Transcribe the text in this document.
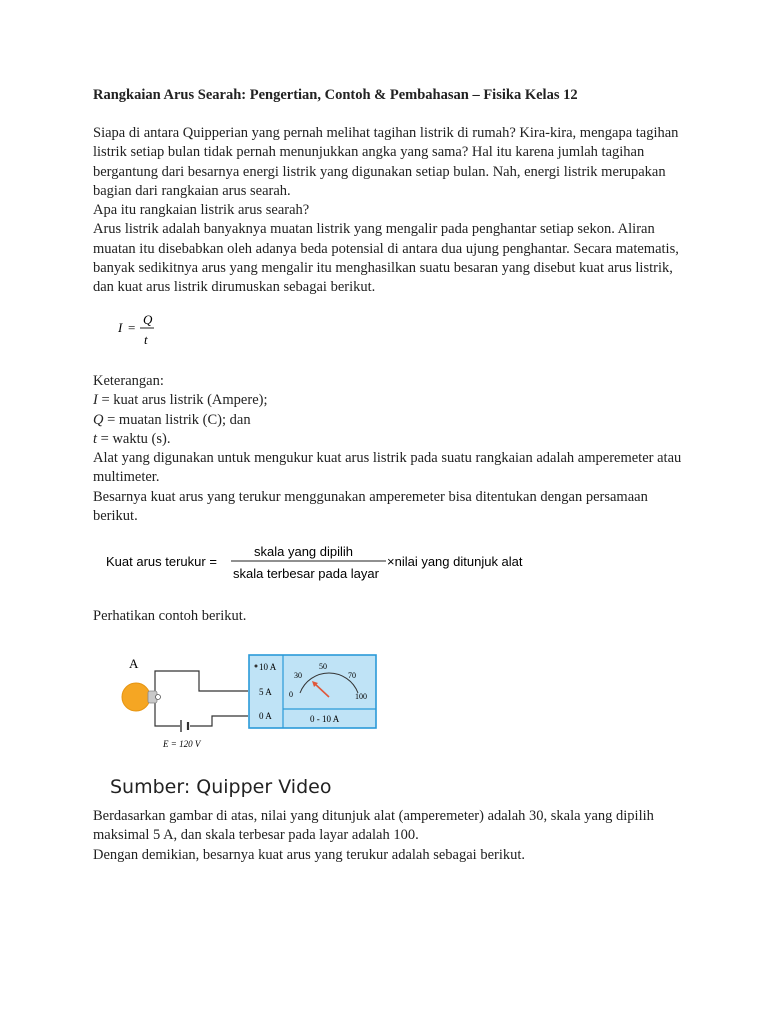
Rangkaian Arus Searah: Pengertian, Contoh & Pembahasan – Fisika Kelas 12

Siapa di antara Quipperian yang pernah melihat tagihan listrik di rumah? Kira-kira, mengapa tagihan listrik setiap bulan tidak pernah menunjukkan angka yang sama? Hal itu karena jumlah tagihan bergantung dari besarnya energi listrik yang digunakan setiap bulan. Nah, energi listrik merupakan bagian dari rangkaian arus searah.

Apa itu rangkaian listrik arus searah?

Arus listrik adalah banyaknya muatan listrik yang mengalir pada penghantar setiap sekon. Aliran muatan itu disebabkan oleh adanya beda potensial di antara dua ujung penghantar. Secara matematis, banyak sedikitnya arus yang mengalir itu menghasilkan suatu besaran yang disebut kuat arus listrik, dan kuat arus listrik dirumuskan sebagai berikut.

I =
Q
t

Keterangan:

I = kuat arus listrik (Ampere);

Q = muatan listrik (C); dan

t = waktu (s).

Alat yang digunakan untuk mengukur kuat arus listrik pada suatu rangkaian adalah amperemeter atau multimeter.

Besarnya kuat arus yang terukur menggunakan amperemeter bisa ditentukan dengan persamaan berikut.

Kuat arus terukur =
skala yang dipilih
skala terbesar pada layar
×nilai yang ditunjuk alat
Perhatikan contoh berikut.
A
E = 120 V
10 A
5 A
0 A
50
30	70
0	100
0 - 10 A
Sumber: Quipper Video

Berdasarkan gambar di atas, nilai yang ditunjuk alat (amperemeter) adalah 30, skala yang dipilih maksimal 5 A, dan skala terbesar pada layar adalah 100.

Dengan demikian, besarnya kuat arus yang terukur adalah sebagai berikut.
